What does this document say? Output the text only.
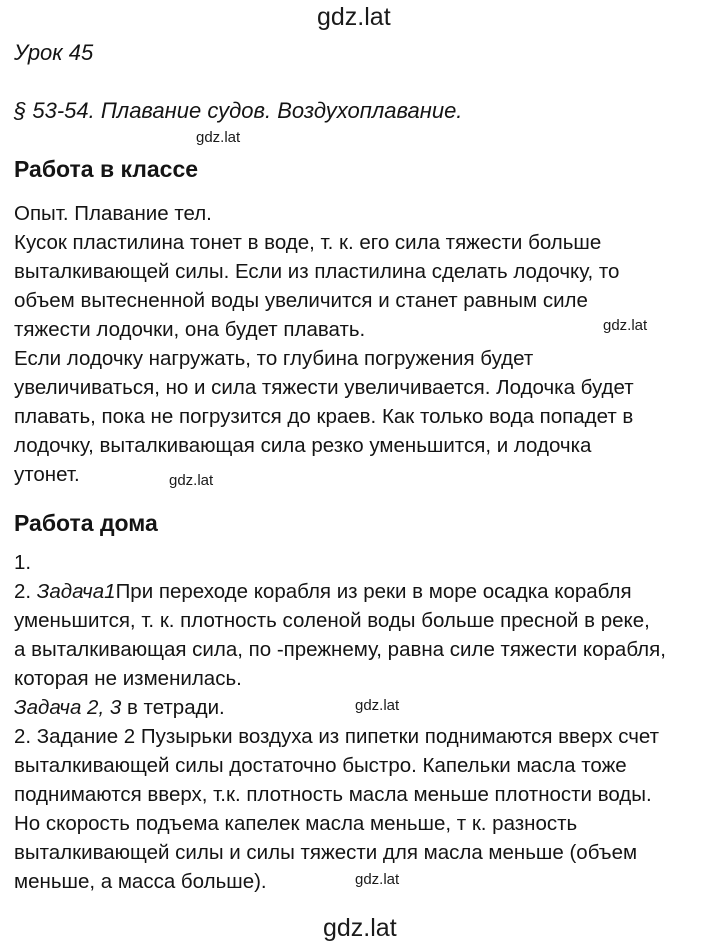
gdz.lat
gdz.lat
gdz.lat
gdz.lat
gdz.lat
gdz.lat
gdz.lat
Урок 45
§ 53-54. Плавание судов. Воздухоплавание.
Работа в классе
Опыт. Плавание тел.
Кусок пластилина тонет в воде, т. к. его сила тяжести больше
выталкивающей силы. Если из пластилина сделать лодочку, то
объем вытесненной воды увеличится и станет равным силе
тяжести лодочки, она будет плавать.
Если лодочку нагружать, то глубина погружения будет
увеличиваться, но и сила тяжести увеличивается. Лодочка будет
плавать, пока не погрузится до краев. Как только вода попадет в
лодочку, выталкивающая сила резко уменьшится, и лодочка
утонет.
Работа дома
1.
2. Задача1При переходе корабля из реки в море осадка корабля
уменьшится, т. к. плотность соленой воды больше пресной в реке,
а выталкивающая сила, по -прежнему, равна силе тяжести корабля,
которая не изменилась.
Задача 2, 3 в тетради.
2. Задание 2 Пузырьки воздуха из пипетки поднимаются вверх счет
выталкивающей силы достаточно быстро. Капельки масла тоже
поднимаются вверх, т.к. плотность масла меньше плотности воды.
Но скорость подъема капелек масла меньше, т к. разность
выталкивающей силы и силы тяжести для масла меньше (объем
меньше, а масса больше).
